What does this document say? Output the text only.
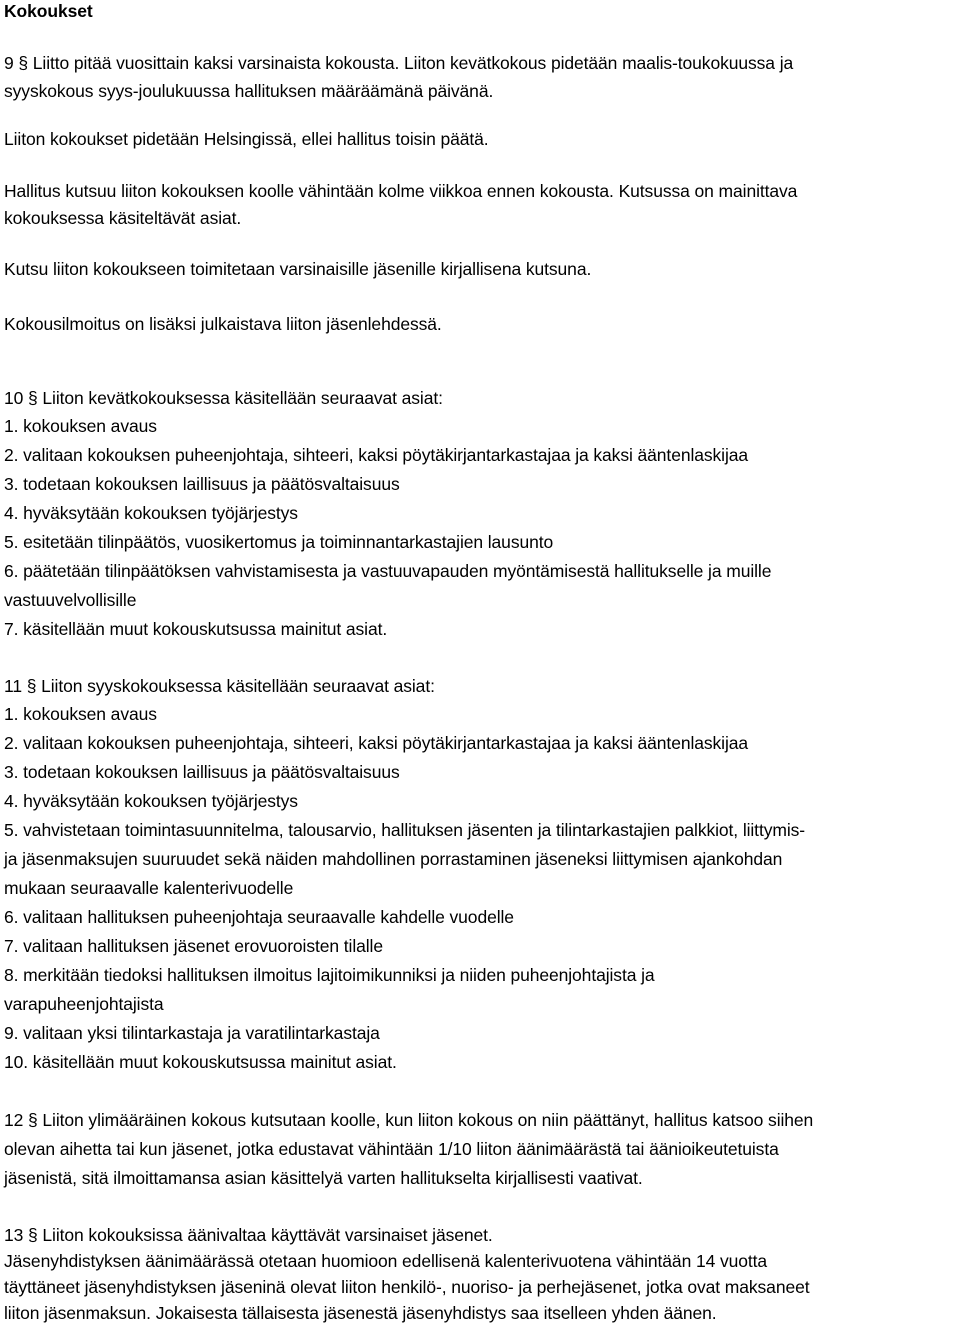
Kokoukset
9 § Liitto pitää vuosittain kaksi varsinaista kokousta. Liiton kevätkokous pidetään maalis-toukokuussa ja
syyskokous syys-joulukuussa hallituksen määräämänä päivänä.
Liiton kokoukset pidetään Helsingissä, ellei hallitus toisin päätä.
Hallitus kutsuu liiton kokouksen koolle vähintään kolme viikkoa ennen kokousta. Kutsussa on mainittava
kokouksessa käsiteltävät asiat.
Kutsu liiton kokoukseen toimitetaan varsinaisille jäsenille kirjallisena kutsuna.
Kokousilmoitus on lisäksi julkaistava liiton jäsenlehdessä.
10 § Liiton kevätkokouksessa käsitellään seuraavat asiat:
1. kokouksen avaus
2. valitaan kokouksen puheenjohtaja, sihteeri, kaksi pöytäkirjantarkastajaa ja kaksi ääntenlaskijaa
3. todetaan kokouksen laillisuus ja päätösvaltaisuus
4. hyväksytään kokouksen työjärjestys
5. esitetään tilinpäätös, vuosikertomus ja toiminnantarkastajien lausunto
6. päätetään tilinpäätöksen vahvistamisesta ja vastuuvapauden myöntämisestä hallitukselle ja muille
vastuuvelvollisille
7. käsitellään muut kokouskutsussa mainitut asiat.
11 § Liiton syyskokouksessa käsitellään seuraavat asiat:
1. kokouksen avaus
2. valitaan kokouksen puheenjohtaja, sihteeri, kaksi pöytäkirjantarkastajaa ja kaksi ääntenlaskijaa
3. todetaan kokouksen laillisuus ja päätösvaltaisuus
4. hyväksytään kokouksen työjärjestys
5. vahvistetaan toimintasuunnitelma, talousarvio, hallituksen jäsenten ja tilintarkastajien palkkiot, liittymis-
ja jäsenmaksujen suuruudet sekä näiden mahdollinen porrastaminen jäseneksi liittymisen ajankohdan
mukaan seuraavalle kalenterivuodelle
6. valitaan hallituksen puheenjohtaja seuraavalle kahdelle vuodelle
7. valitaan hallituksen jäsenet erovuoroisten tilalle
8. merkitään tiedoksi hallituksen ilmoitus lajitoimikunniksi ja niiden puheenjohtajista ja
varapuheenjohtajista
9. valitaan yksi tilintarkastaja ja varatilintarkastaja
10. käsitellään muut kokouskutsussa mainitut asiat.
12 § Liiton ylimääräinen kokous kutsutaan koolle, kun liiton kokous on niin päättänyt, hallitus katsoo siihen
olevan aihetta tai kun jäsenet, jotka edustavat vähintään 1/10 liiton äänimäärästä tai äänioikeutetuista
jäsenistä, sitä ilmoittamansa asian käsittelyä varten hallitukselta kirjallisesti vaativat.
13 § Liiton kokouksissa äänivaltaa käyttävät varsinaiset jäsenet.
Jäsenyhdistyksen äänimäärässä otetaan huomioon edellisenä kalenterivuotena vähintään 14 vuotta
täyttäneet jäsenyhdistyksen jäseninä olevat liiton henkilö-, nuoriso- ja perhejäsenet, jotka ovat maksaneet
liiton jäsenmaksun. Jokaisesta tällaisesta jäsenestä jäsenyhdistys saa itselleen yhden äänen.
